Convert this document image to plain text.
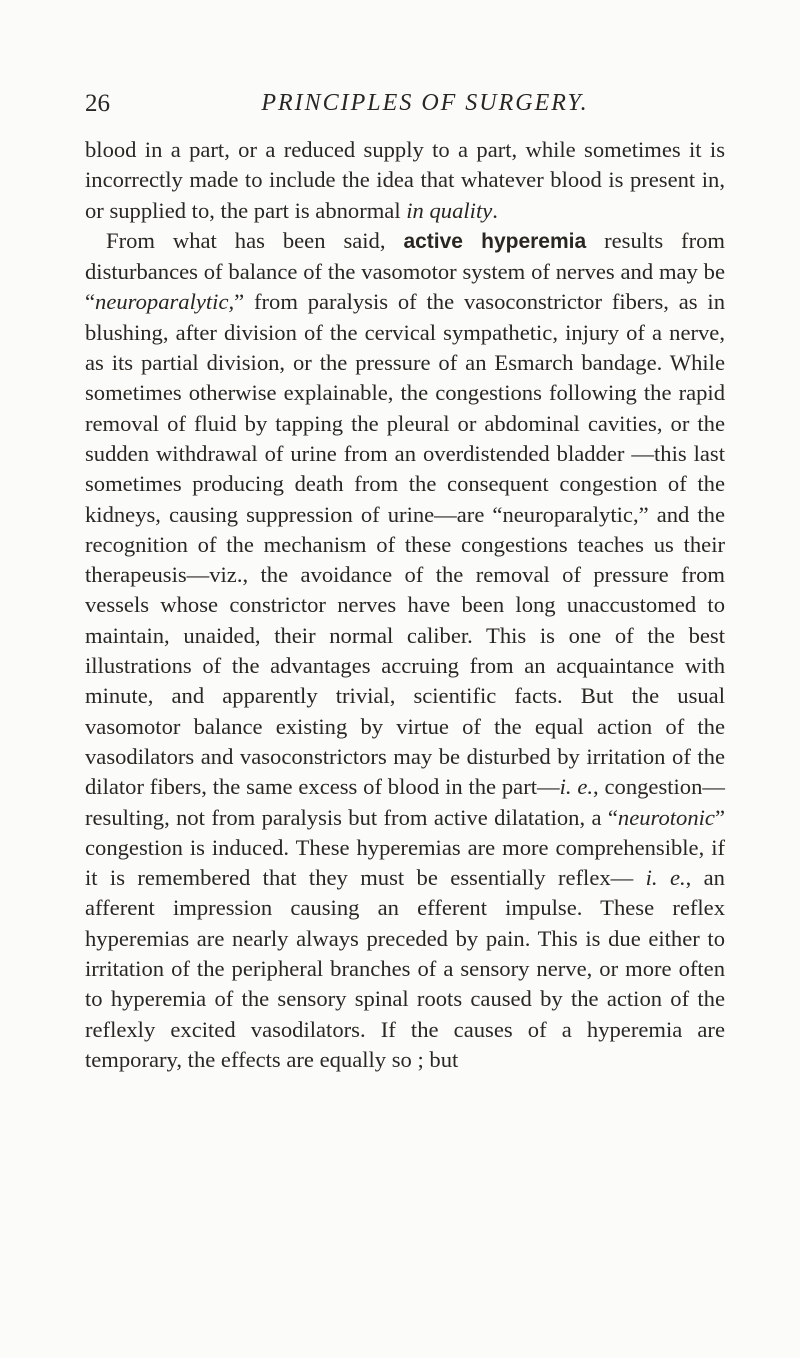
26	PRINCIPLES OF SURGERY.

blood in a part, or a reduced supply to a part, while sometimes it is incorrectly made to include the idea that whatever blood is present in, or supplied to, the part is abnormal in quality.

From what has been said, active hyperemia results from disturbances of balance of the vasomotor system of nerves and may be “neuroparalytic,” from paralysis of the vasoconstrictor fibers, as in blushing, after division of the cervical sympathetic, injury of a nerve, as its partial division, or the pressure of an Esmarch bandage. While sometimes otherwise explainable, the congestions following the rapid removal of fluid by tapping the pleural or abdominal cavities, or the sudden withdrawal of urine from an overdistended bladder —this last sometimes producing death from the consequent congestion of the kidneys, causing suppression of urine—are “neuroparalytic,” and the recognition of the mechanism of these congestions teaches us their therapeusis—viz., the avoidance of the removal of pressure from vessels whose constrictor nerves have been long unaccustomed to maintain, unaided, their normal caliber. This is one of the best illustrations of the advantages accruing from an acquaintance with minute, and apparently trivial, scientific facts. But the usual vasomotor balance existing by virtue of the equal action of the vasodilators and vasoconstrictors may be disturbed by irritation of the dilator fibers, the same excess of blood in the part—i. e., congestion—resulting, not from paralysis but from active dilatation, a “neurotonic” congestion is induced. These hyperemias are more comprehensible, if it is remembered that they must be essentially reflex— i. e., an afferent impression causing an efferent impulse. These reflex hyperemias are nearly always preceded by pain. This is due either to irritation of the peripheral branches of a sensory nerve, or more often to hyperemia of the sensory spinal roots caused by the action of the reflexly excited vasodilators. If the causes of a hyperemia are temporary, the effects are equally so ; but
